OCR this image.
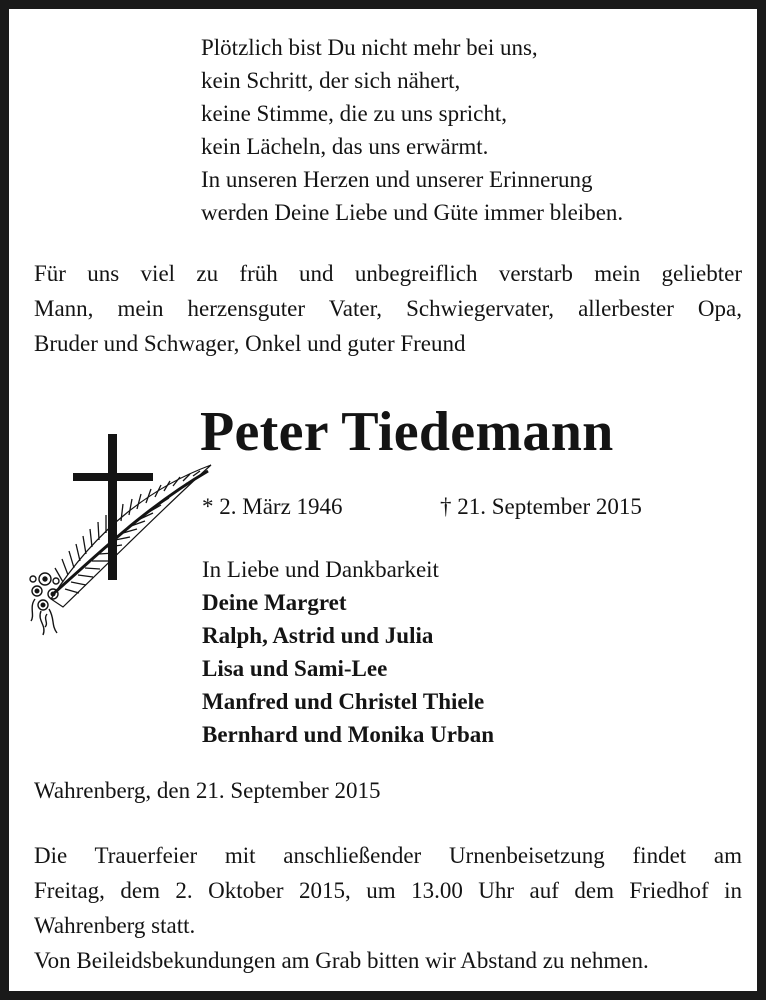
Plötzlich bist Du nicht mehr bei uns,
kein Schritt, der sich nähert,
keine Stimme, die zu uns spricht,
kein Lächeln, das uns erwärmt.
In unseren Herzen und unserer Erinnerung
werden Deine Liebe und Güte immer bleiben.
Für uns viel zu früh und unbegreiflich verstarb mein geliebter
Mann, mein herzensguter Vater, Schwiegervater, allerbester Opa,
Bruder und Schwager, Onkel und guter Freund
Peter Tiedemann
* 2. März 1946	† 21. September 2015
In Liebe und Dankbarkeit
Deine Margret
Ralph, Astrid und Julia
Lisa und Sami-Lee
Manfred und Christel Thiele
Bernhard und Monika Urban
Wahrenberg, den 21. September 2015
Die Trauerfeier mit anschließender Urnenbeisetzung findet am
Freitag, dem 2. Oktober 2015, um 13.00 Uhr auf dem Friedhof in
Wahrenberg statt.
Von Beileidsbekundungen am Grab bitten wir Abstand zu nehmen.
